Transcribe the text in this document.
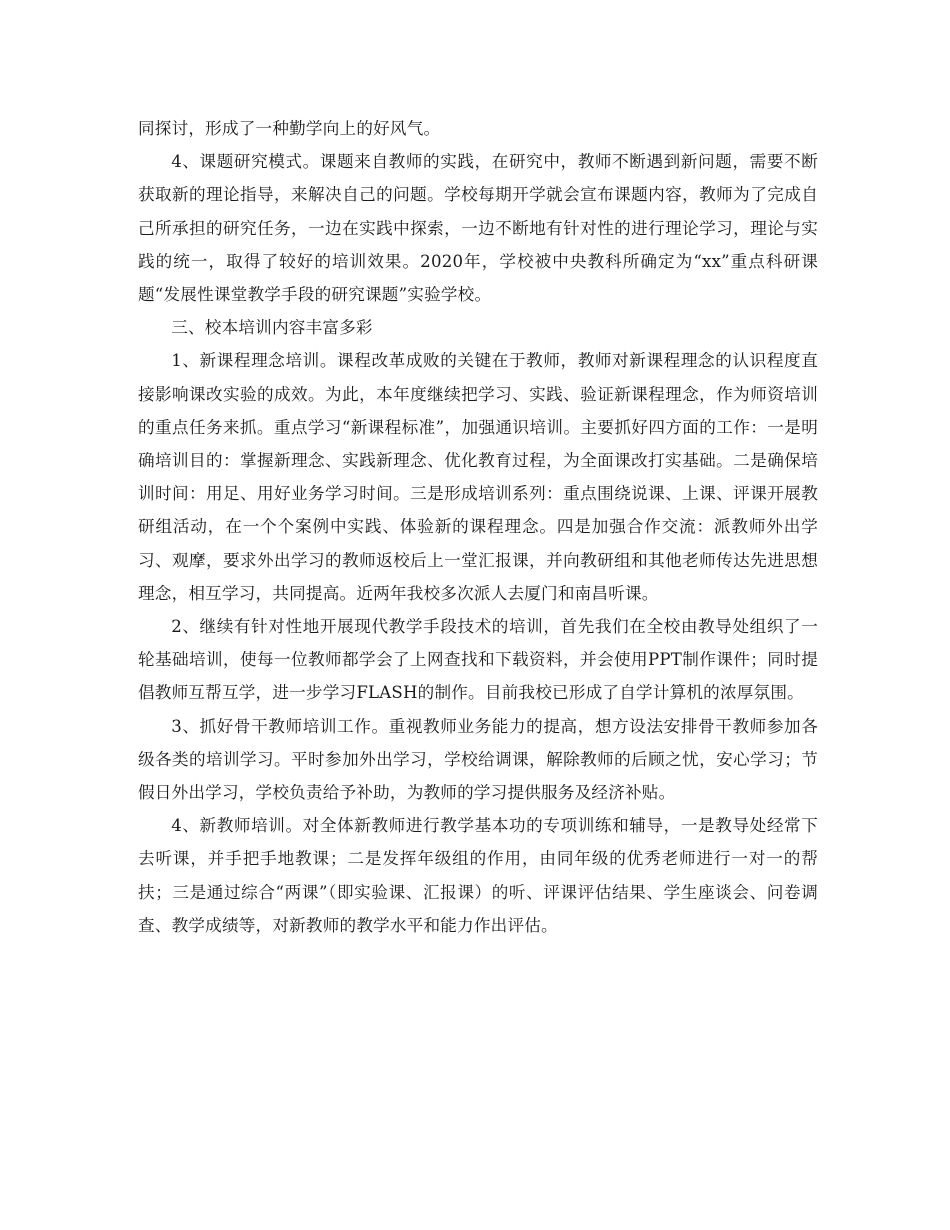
同探讨，形成了一种勤学向上的好风气。

4、课题研究模式。课题来自教师的实践，在研究中，教师不断遇到新问题，需要不断获取新的理论指导，来解决自己的问题。学校每期开学就会宣布课题内容，教师为了完成自己所承担的研究任务，一边在实践中探索，一边不断地有针对性的进行理论学习，理论与实践的统一，取得了较好的培训效果。2020年，学校被中央教科所确定为“xx”重点科研课题“发展性课堂教学手段的研究课题”实验学校。

三、校本培训内容丰富多彩

1、新课程理念培训。课程改革成败的关键在于教师，教师对新课程理念的认识程度直接影响课改实验的成效。为此，本年度继续把学习、实践、验证新课程理念，作为师资培训的重点任务来抓。重点学习“新课程标准”，加强通识培训。主要抓好四方面的工作：一是明确培训目的：掌握新理念、实践新理念、优化教育过程，为全面课改打实基础。二是确保培训时间：用足、用好业务学习时间。三是形成培训系列：重点围绕说课、上课、评课开展教研组活动，在一个个案例中实践、体验新的课程理念。四是加强合作交流：派教师外出学习、观摩，要求外出学习的教师返校后上一堂汇报课，并向教研组和其他老师传达先进思想理念，相互学习，共同提高。近两年我校多次派人去厦门和南昌听课。

2、继续有针对性地开展现代教学手段技术的培训，首先我们在全校由教导处组织了一轮基础培训，使每一位教师都学会了上网查找和下载资料，并会使用PPT制作课件；同时提倡教师互帮互学，进一步学习FLASH的制作。目前我校已形成了自学计算机的浓厚氛围。

3、抓好骨干教师培训工作。重视教师业务能力的提高，想方设法安排骨干教师参加各级各类的培训学习。平时参加外出学习，学校给调课，解除教师的后顾之忧，安心学习；节假日外出学习，学校负责给予补助，为教师的学习提供服务及经济补贴。

4、新教师培训。对全体新教师进行教学基本功的专项训练和辅导，一是教导处经常下去听课，并手把手地教课；二是发挥年级组的作用，由同年级的优秀老师进行一对一的帮扶；三是通过综合“两课”（即实验课、汇报课）的听、评课评估结果、学生座谈会、问卷调查、教学成绩等，对新教师的教学水平和能力作出评估。
